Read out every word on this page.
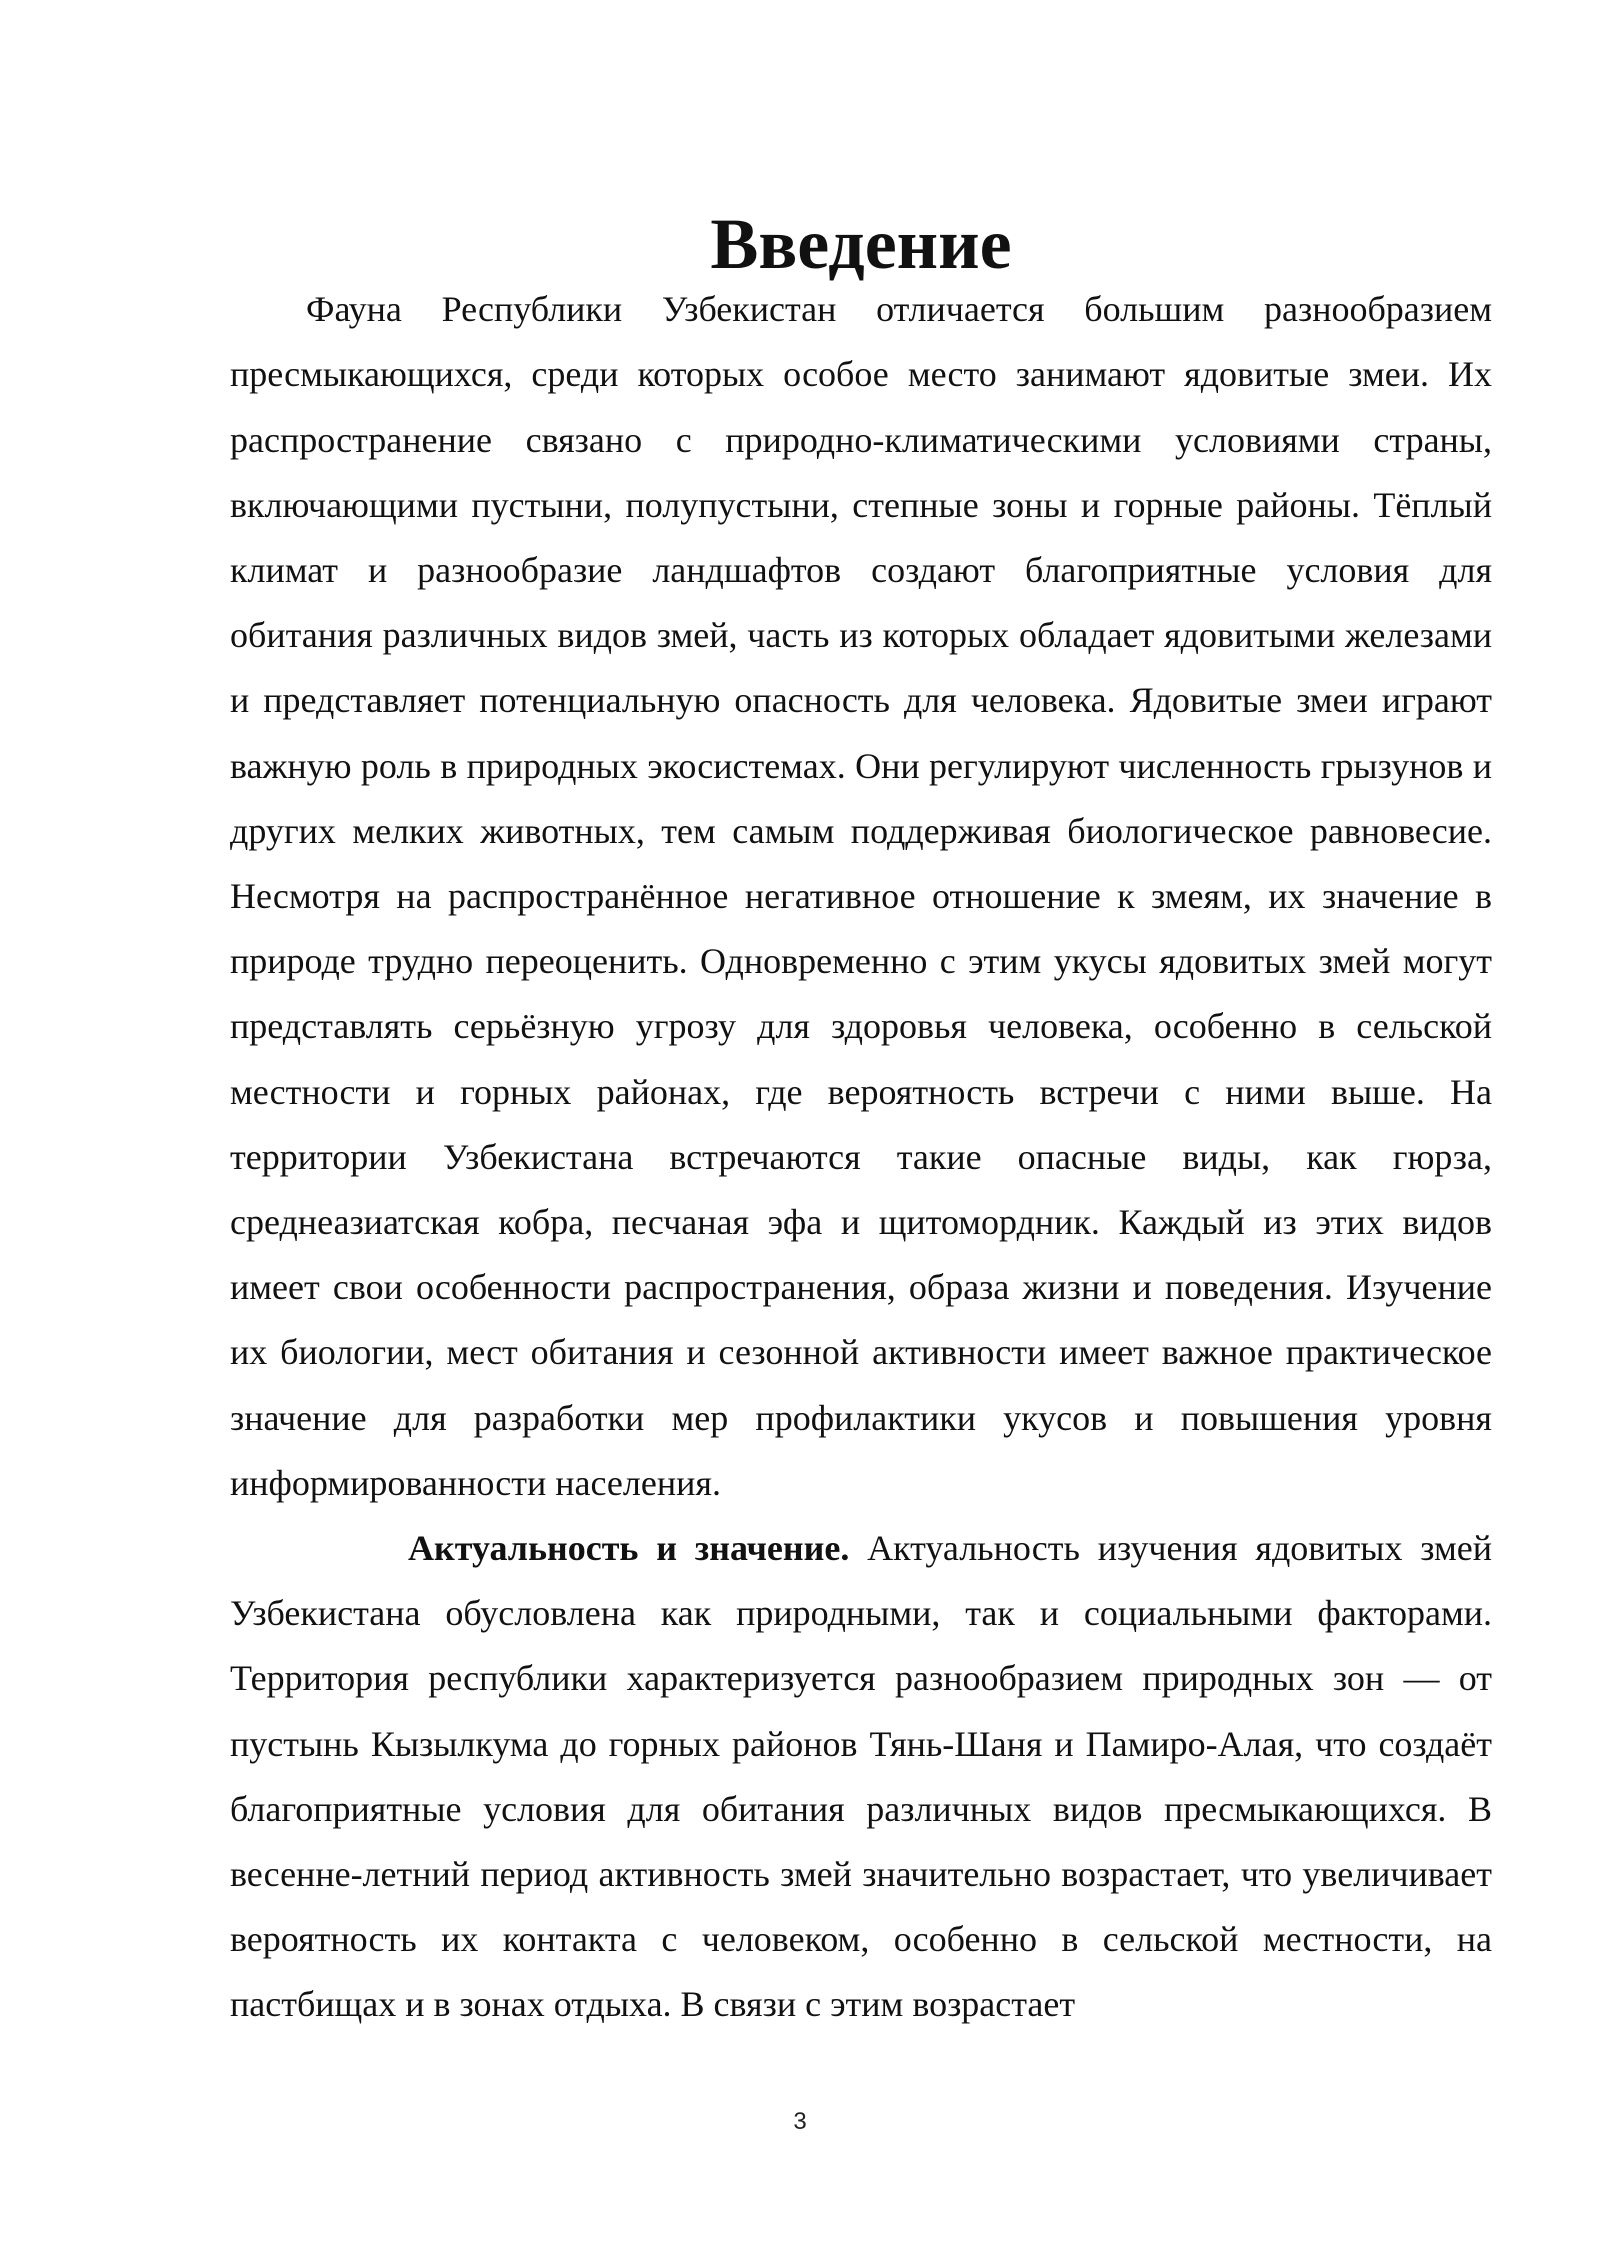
Введение

Фауна Республики Узбекистан отличается большим разнообразием пресмыкающихся, среди которых особое место занимают ядовитые змеи. Их распространение связано с природно-климатическими условиями страны, включающими пустыни, полупустыни, степные зоны и горные районы. Тёплый климат и разнообразие ландшафтов создают благоприятные условия для обитания различных видов змей, часть из которых обладает ядовитыми железами и представляет потенциальную опасность для человека. Ядовитые змеи играют важную роль в природных экосистемах. Они регулируют численность грызунов и других мелких животных, тем самым поддерживая биологическое равновесие. Несмотря на распространённое негативное отношение к змеям, их значение в природе трудно переоценить. Одновременно с этим укусы ядовитых змей могут представлять серьёзную угрозу для здоровья человека, особенно в сельской местности и горных районах, где вероятность встречи с ними выше. На территории Узбекистана встречаются такие опасные виды, как гюрза, среднеазиатская кобра, песчаная эфа и щитомордник. Каждый из этих видов имеет свои особенности распространения, образа жизни и поведения. Изучение их биологии, мест обитания и сезонной активности имеет важное практическое значение для разработки мер профилактики укусов и повышения уровня информированности населения.

Актуальность и значение. Актуальность изучения ядовитых змей Узбекистана обусловлена как природными, так и социальными факторами. Территория республики характеризуется разнообразием природных зон — от пустынь Кызылкума до горных районов Тянь-Шаня и Памиро-Алая, что создаёт благоприятные условия для обитания различных видов пресмыкающихся. В весенне-летний период активность змей значительно возрастает, что увеличивает вероятность их контакта с человеком, особенно в сельской местности, на пастбищах и в зонах отдыха. В связи с этим возрастает

3
